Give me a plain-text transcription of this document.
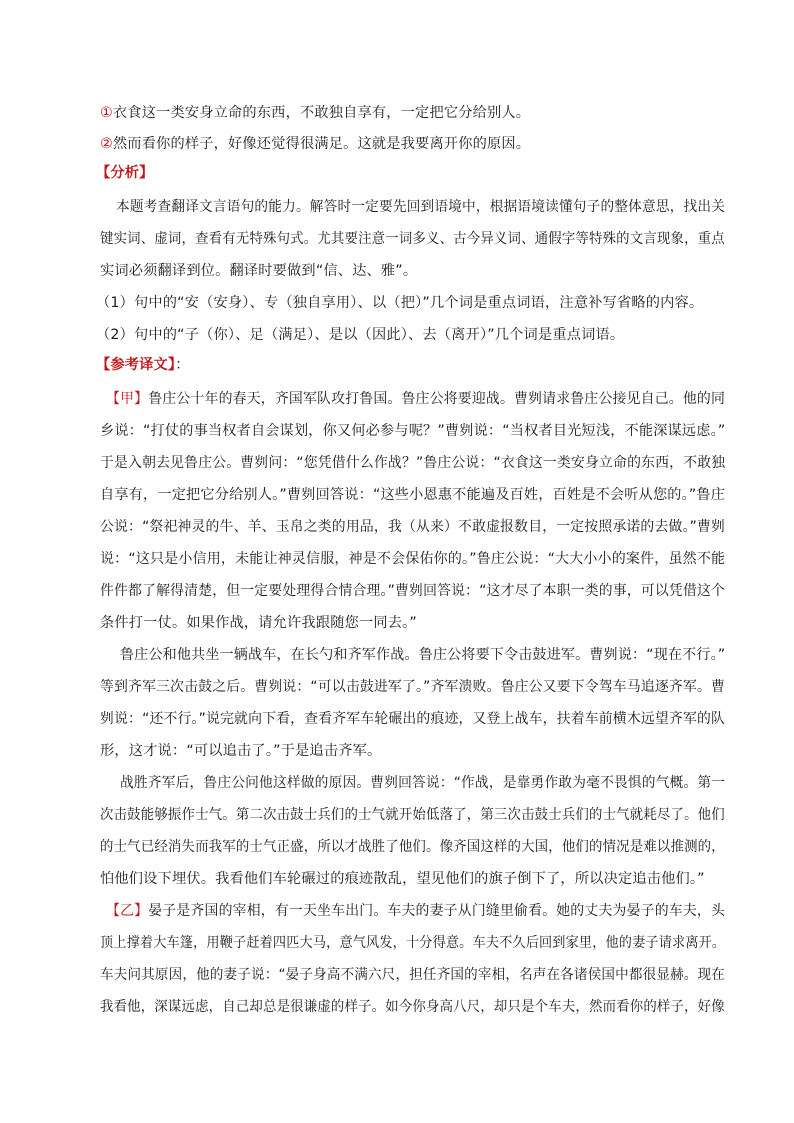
①衣食这一类安身立命的东西，不敢独自享有，一定把它分给别人。
②然而看你的样子，好像还觉得很满足。这就是我要离开你的原因。
【分析】
本题考查翻译文言语句的能力。解答时一定要先回到语境中，根据语境读懂句子的整体意思，找出关
键实词、虚词，查看有无特殊句式。尤其要注意一词多义、古今异义词、通假字等特殊的文言现象，重点
实词必须翻译到位。翻译时要做到“信、达、雅”。
（1）句中的“安（安身）、专（独自享用）、以（把）”几个词是重点词语，注意补写省略的内容。
（2）句中的“子（你）、足（满足）、是以（因此）、去（离开）”几个词是重点词语。
【参考译文】：
【甲】鲁庄公十年的春天，齐国军队攻打鲁国。鲁庄公将要迎战。曹刿请求鲁庄公接见自己。他的同
乡说：“打仗的事当权者自会谋划，你又何必参与呢？”曹刿说：“当权者目光短浅，不能深谋远虑。”
于是入朝去见鲁庄公。曹刿问：“您凭借什么作战？”鲁庄公说：“衣食这一类安身立命的东西，不敢独
自享有，一定把它分给别人。”曹刿回答说：“这些小恩惠不能遍及百姓，百姓是不会听从您的。”鲁庄
公说：“祭祀神灵的牛、羊、玉帛之类的用品，我（从来）不敢虚报数目，一定按照承诺的去做。”曹刿
说：“这只是小信用，未能让神灵信服，神是不会保佑你的。”鲁庄公说：“大大小小的案件，虽然不能
件件都了解得清楚，但一定要处理得合情合理。”曹刿回答说：“这才尽了本职一类的事，可以凭借这个
条件打一仗。如果作战，请允许我跟随您一同去。”
鲁庄公和他共坐一辆战车，在长勺和齐军作战。鲁庄公将要下令击鼓进军。曹刿说：“现在不行。”
等到齐军三次击鼓之后。曹刿说：“可以击鼓进军了。”齐军溃败。鲁庄公又要下令驾车马追逐齐军。曹
刿说：“还不行。”说完就向下看，查看齐军车轮碾出的痕迹，又登上战车，扶着车前横木远望齐军的队
形，这才说：“可以追击了。”于是追击齐军。
战胜齐军后，鲁庄公问他这样做的原因。曹刿回答说：“作战，是靠勇作敢为毫不畏惧的气概。第一
次击鼓能够振作士气。第二次击鼓士兵们的士气就开始低落了，第三次击鼓士兵们的士气就耗尽了。他们
的士气已经消失而我军的士气正盛，所以才战胜了他们。像齐国这样的大国，他们的情况是难以推测的，
怕他们设下埋伏。我看他们车轮碾过的痕迹散乱，望见他们的旗子倒下了，所以决定追击他们。”
【乙】晏子是齐国的宰相，有一天坐车出门。车夫的妻子从门缝里偷看。她的丈夫为晏子的车夫，头
顶上撑着大车篷，用鞭子赶着四匹大马，意气风发，十分得意。车夫不久后回到家里，他的妻子请求离开。
车夫问其原因，他的妻子说：“晏子身高不满六尺，担任齐国的宰相，名声在各诸侯国中都很显赫。现在
我看他，深谋远虑，自己却总是很谦虚的样子。如今你身高八尺，却只是个车夫，然而看你的样子，好像
